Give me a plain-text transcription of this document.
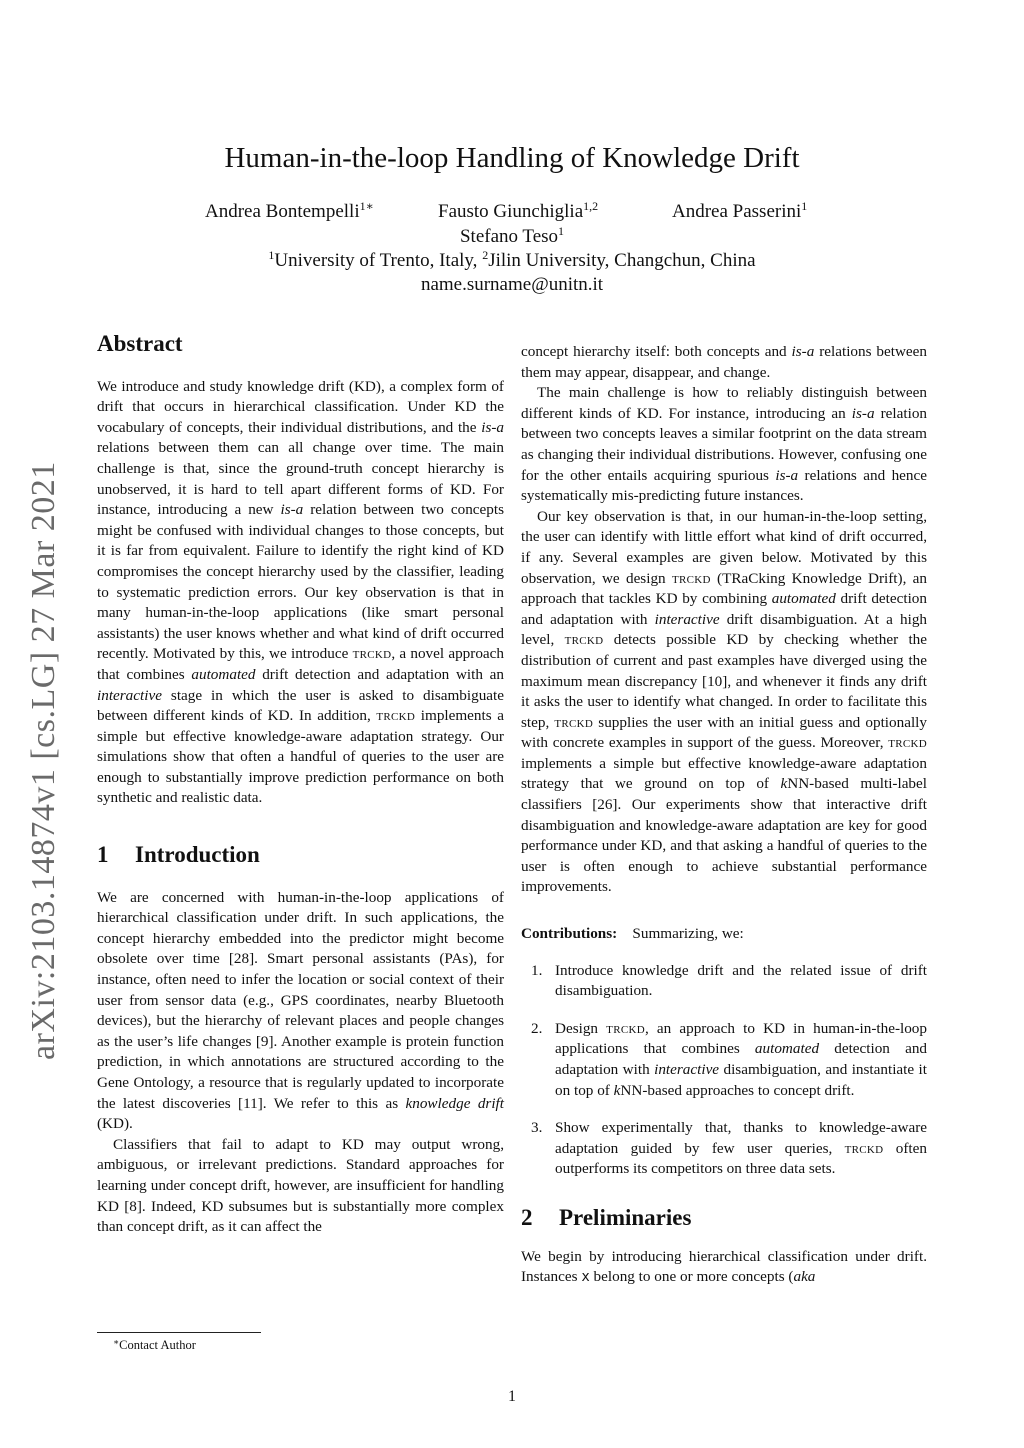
arXiv:2103.14874v1 [cs.LG] 27 Mar 2021
Human-in-the-loop Handling of Knowledge Drift
Andrea Bontempelli$^{1∗}$	Fausto Giunchiglia$^{1,2}$	Andrea Passerini$^1$
Stefano Teso$^1$
$^1$University of Trento, Italy, $^2$Jilin University, Changchun, China
name.surname@unitn.it
Abstract

We introduce and study knowledge drift (KD), a complex form of drift that occurs in hierarchical classification. Under KD the vocabulary of concepts, their individual distributions, and the is-a relations between them can all change over time. The main challenge is that, since the ground-truth concept hierarchy is unobserved, it is hard to tell apart different forms of KD. For instance, introducing a new is-a relation between two concepts might be confused with individual changes to those concepts, but it is far from equivalent. Failure to identify the right kind of KD compromises the concept hierarchy used by the classifier, leading to systematic prediction errors. Our key observation is that in many human-in-the-loop applications (like smart personal assistants) the user knows whether and what kind of drift occurred recently. Motivated by this, we introduce trckd, a novel approach that combines automated drift detection and adaptation with an interactive stage in which the user is asked to disambiguate between different kinds of KD. In addition, trckd implements a simple but effective knowledge-aware adaptation strategy. Our simulations show that often a handful of queries to the user are enough to substantially improve prediction performance on both synthetic and realistic data.

1 Introduction

We are concerned with human-in-the-loop applications of hierarchical classification under drift. In such applications, the concept hierarchy embedded into the predictor might become obsolete over time [28]. Smart personal assistants (PAs), for instance, often need to infer the location or social context of their user from sensor data (e.g., GPS coordinates, nearby Bluetooth devices), but the hierarchy of relevant places and people changes as the user’s life changes [9]. Another example is protein function prediction, in which annotations are structured according to the Gene Ontology, a resource that is regularly updated to incorporate the latest discoveries [11]. We refer to this as knowledge drift (KD).

Classifiers that fail to adapt to KD may output wrong, ambiguous, or irrelevant predictions. Standard approaches for learning under concept drift, however, are insufficient for handling KD [8]. Indeed, KD subsumes but is substantially more complex than concept drift, as it can affect the

concept hierarchy itself: both concepts and is-a relations between them may appear, disappear, and change.

The main challenge is how to reliably distinguish between different kinds of KD. For instance, introducing an is-a relation between two concepts leaves a similar footprint on the data stream as changing their individual distributions. However, confusing one for the other entails acquiring spurious is-a relations and hence systematically mis-predicting future instances.

Our key observation is that, in our human-in-the-loop setting, the user can identify with little effort what kind of drift occurred, if any. Several examples are given below. Motivated by this observation, we design trckd (TRaCking Knowledge Drift), an approach that tackles KD by combining automated drift detection and adaptation with interactive drift disambiguation. At a high level, trckd detects possible KD by checking whether the distribution of current and past examples have diverged using the maximum mean discrepancy [10], and whenever it finds any drift it asks the user to identify what changed. In order to facilitate this step, trckd supplies the user with an initial guess and optionally with concrete examples in support of the guess. Moreover, trckd implements a simple but effective knowledge-aware adaptation strategy that we ground on top of kNN-based multi-label classifiers [26]. Our experiments show that interactive drift disambiguation and knowledge-aware adaptation are key for good performance under KD, and that asking a handful of queries to the user is often enough to achieve substantial performance improvements.

Contributions: Summarizing, we:

1. Introduce knowledge drift and the related issue of drift disambiguation.
2. Design trckd, an approach to KD in human-in-the-loop applications that combines automated detection and adaptation with interactive disambiguation, and instantiate it on top of kNN-based approaches to concept drift.
3. Show experimentally that, thanks to knowledge-aware adaptation guided by few user queries, trckd often outperforms its competitors on three data sets.
2 Preliminaries

We begin by introducing hierarchical classification under drift. Instances x belong to one or more concepts (aka

∗Contact Author
1
